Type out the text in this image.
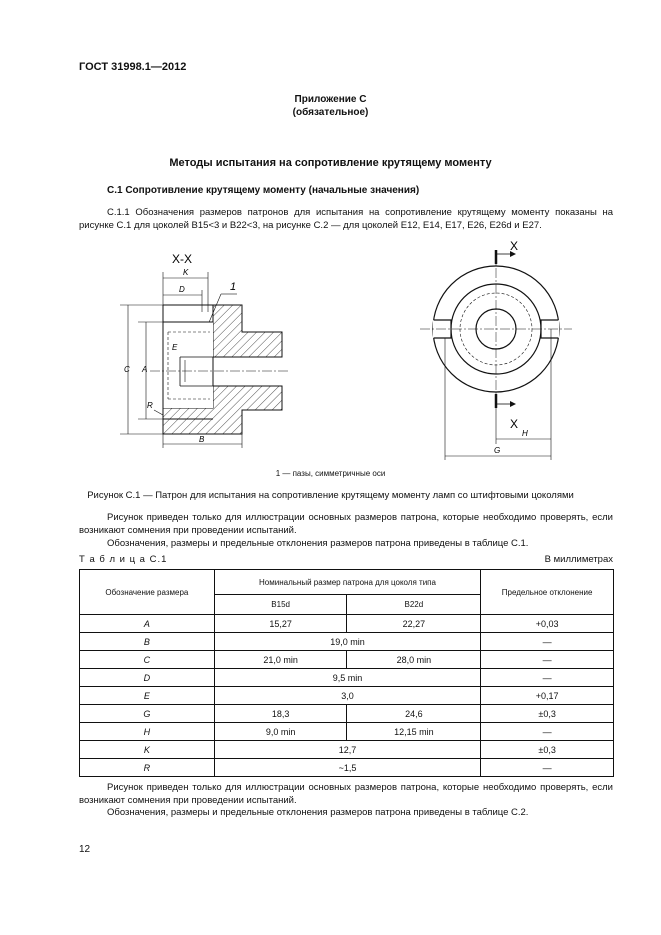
ГОСТ 31998.1—2012
Приложение С
(обязательное)
Методы испытания на сопротивление крутящему моменту
С.1 Сопротивление крутящему моменту (начальные значения)
С.1.1 Обозначения размеров патронов для испытания на сопротивление крутящему моменту показаны на рисунке С.1 для цоколей В15<3 и В22<3, на рисунке С.2 — для цоколей Е12, Е14, Е17, Е26, Е26d и Е27.
X-X
K
D	1
C A
E
R
B
X
X
H
G
1 — пазы, симметричные оси
Рисунок С.1 — Патрон для испытания на сопротивление крутящему моменту ламп со штифтовыми цоколями
Рисунок приведен только для иллюстрации основных размеров патрона, которые необходимо проверять, если возникают сомнения при проведении испытаний.
Обозначения, размеры и предельные отклонения размеров патрона приведены в таблице С.1.
Т а б л и ц а С.1	В миллиметрах
Обозначение размера	Номинальный размер патрона для цоколя типа		Предельное отклонение
	B15d	B22d	
A	15,27	22,27	+0,03
B	19,0 min		—
C	21,0 min	28,0 min	—
D	9,5 min		—
E	3,0		+0,17
G	18,3	24,6	±0,3
H	9,0 min	12,15 min	—
K	12,7		±0,3
R	~1,5		—
Рисунок приведен только для иллюстрации основных размеров патрона, которые необходимо проверять, если возникают сомнения при проведении испытаний.
Обозначения, размеры и предельные отклонения размеров патрона приведены в таблице С.2.
12
